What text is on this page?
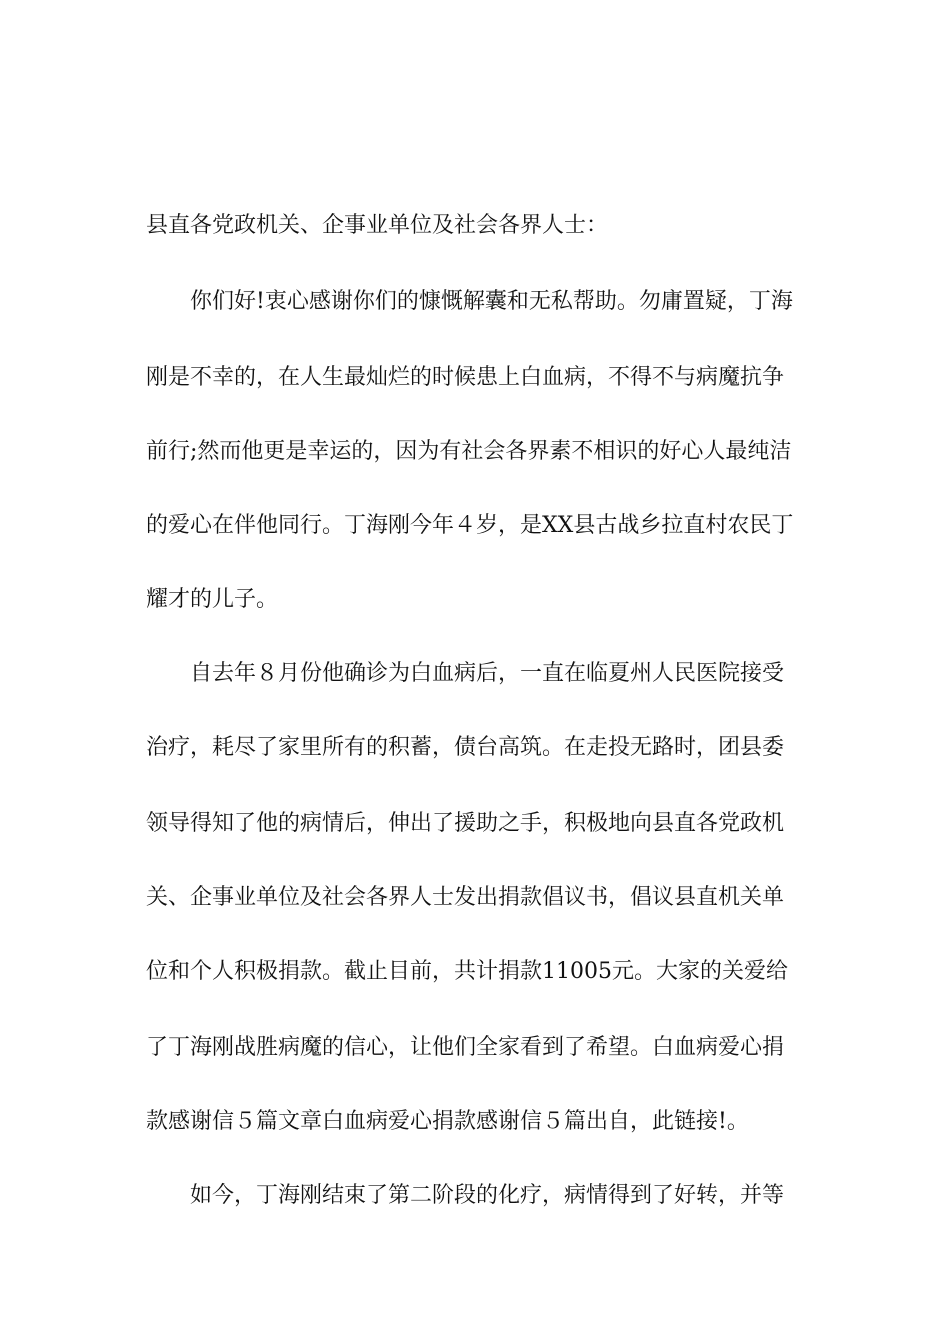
县直各党政机关、企事业单位及社会各界人士：
你们好!衷心感谢你们的慷慨解囊和无私帮助。勿庸置疑，丁海
刚是不幸的，在人生最灿烂的时候患上白血病，不得不与病魔抗争
前行;然而他更是幸运的，因为有社会各界素不相识的好心人最纯洁
的爱心在伴他同行。丁海刚今年４岁，是XX县古战乡拉直村农民丁
耀才的儿子。
自去年８月份他确诊为白血病后，一直在临夏州人民医院接受
治疗，耗尽了家里所有的积蓄，债台高筑。在走投无路时，团县委
领导得知了他的病情后，伸出了援助之手，积极地向县直各党政机
关、企事业单位及社会各界人士发出捐款倡议书，倡议县直机关单
位和个人积极捐款。截止目前，共计捐款11005元。大家的关爱给
了丁海刚战胜病魔的信心，让他们全家看到了希望。白血病爱心捐
款感谢信５篇文章白血病爱心捐款感谢信５篇出自，此链接!。
如今，丁海刚结束了第二阶段的化疗，病情得到了好转，并等
